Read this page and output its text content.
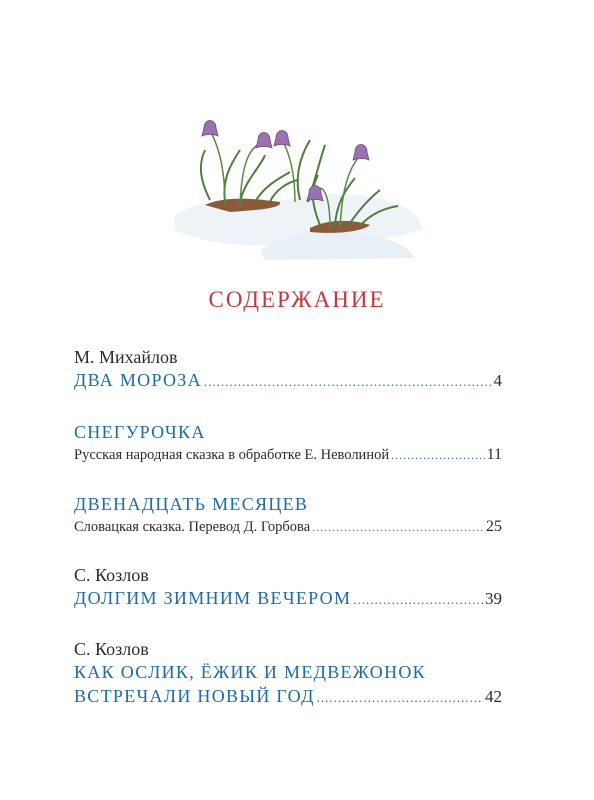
СОДЕРЖАНИЕ
М. Михайлов
ДВА МОРОЗА .....	4
СНЕГУРОЧКА
Русская народная сказка в обработке Е. Неволиной .....	11
ДВЕНАДЦАТЬ МЕСЯЦЕВ
Словацкая сказка. Перевод Д. Горбова .....	25
С. Козлов
ДОЛГИМ ЗИМНИМ ВЕЧЕРОМ .....	39
С. Козлов
КАК ОСЛИК, ЁЖИК И МЕДВЕЖОНОК
ВСТРЕЧАЛИ НОВЫЙ ГОД .....	42
